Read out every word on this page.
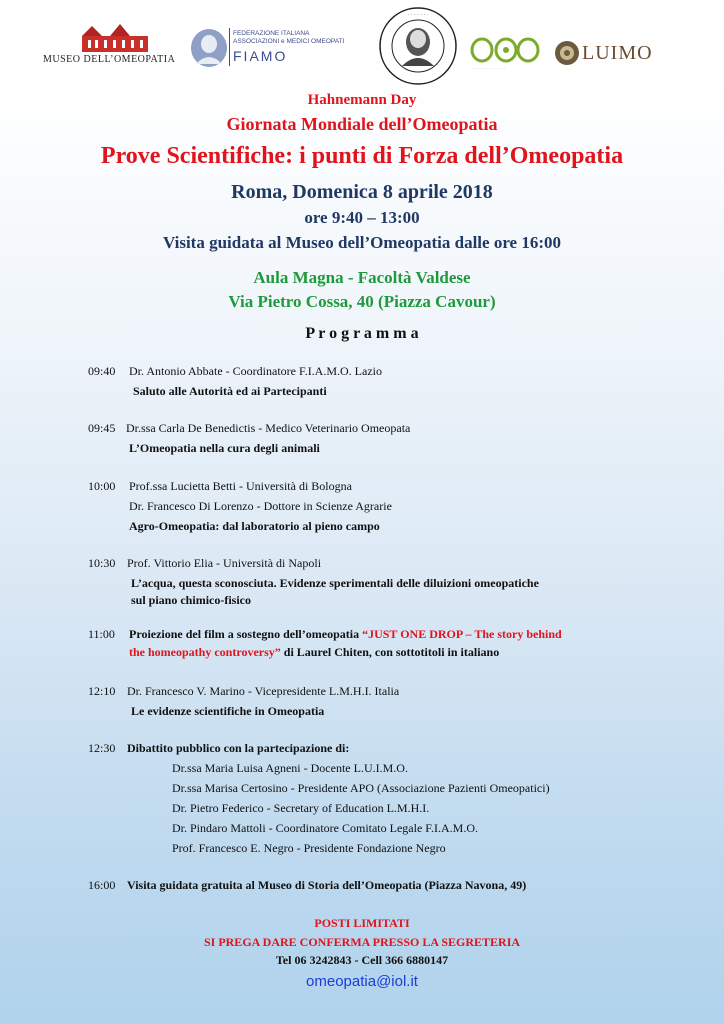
MUSEO DELL’OMEOPATIA
FEDERAZIONE ITALIANA
ASSOCIAZIONI e MEDICI OMEOPATI
FIAMO
· · · · · · ·
· · · · · · · · · · · · · ·
LUIMO
Hahnemann Day
Giornata Mondiale dell’Omeopatia
Prove Scientifiche: i punti di Forza dell’Omeopatia
Roma, Domenica 8 aprile 2018
ore 9:40 – 13:00
Visita guidata al Museo dell’Omeopatia dalle ore 16:00
Aula Magna - Facoltà Valdese
Via Pietro Cossa, 40 (Piazza Cavour)
P r o g r a m m a
09:40 Dr. Antonio Abbate - Coordinatore F.I.A.M.O. Lazio
Saluto alle Autorità ed ai Partecipanti
09:45 Dr.ssa Carla De Benedictis - Medico Veterinario Omeopata
L’Omeopatia nella cura degli animali
10:00 Prof.ssa Lucietta Betti - Università di Bologna
Dr. Francesco Di Lorenzo - Dottore in Scienze Agrarie
Agro-Omeopatia: dal laboratorio al pieno campo
10:30 Prof. Vittorio Elia - Università di Napoli
L’acqua, questa sconosciuta. Evidenze sperimentali delle diluizioni omeopatiche
sul piano chimico-fisico
11:00 Proiezione del film a sostegno dell’omeopatia “JUST ONE DROP – The story behind
the homeopathy controversy” di Laurel Chiten, con sottotitoli in italiano
12:10 Dr. Francesco V. Marino - Vicepresidente L.M.H.I. Italia
Le evidenze scientifiche in Omeopatia
12:30 Dibattito pubblico con la partecipazione di:
Dr.ssa Maria Luisa Agneni - Docente L.U.I.M.O.
Dr.ssa Marisa Certosino - Presidente APO (Associazione Pazienti Omeopatici)
Dr. Pietro Federico - Secretary of Education L.M.H.I.
Dr. Pindaro Mattoli - Coordinatore Comitato Legale F.I.A.M.O.
Prof. Francesco E. Negro - Presidente Fondazione Negro
16:00 Visita guidata gratuita al Museo di Storia dell’Omeopatia (Piazza Navona, 49)
POSTI LIMITATI
SI PREGA DARE CONFERMA PRESSO LA SEGRETERIA
Tel 06 3242843 - Cell 366 6880147
omeopatia@iol.it
